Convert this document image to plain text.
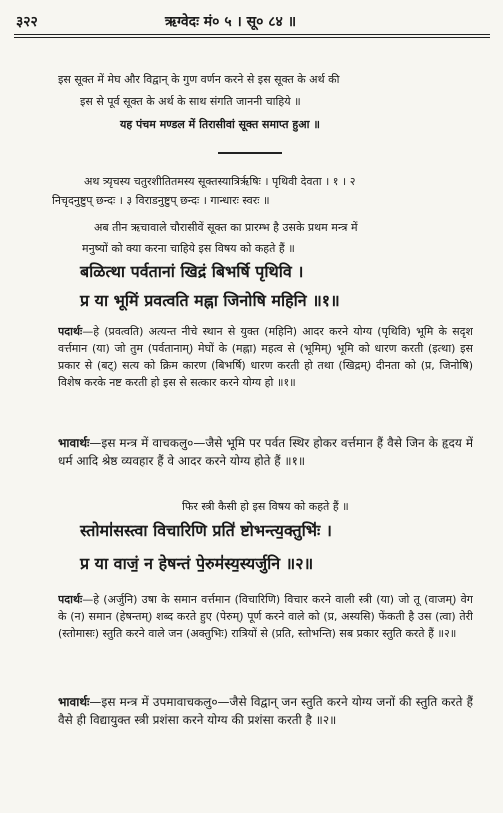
३२२	ऋग्वेदः मं० ५ । सू० ८४ ॥
इस सूक्त में मेघ और विद्वान् के गुण वर्णन करने से इस सूक्त के अर्थ की
इस से पूर्व सूक्त के अर्थ के साथ संगति जाननी चाहिये ॥
यह पंचम मण्डल में तिरासीवां सूक्त समाप्त हुआ ॥
अथ त्र्यृचस्य चतुरशीतितमस्य सूक्तस्यात्रिर्ऋषिः । पृथिवी देवता । १ । २
निचृदनुष्टुप् छन्दः । ३ विराडनुष्टुप् छन्दः । गान्धारः स्वरः ॥
अब तीन ऋचावाले चौरासीवें सूक्त का प्रारम्भ है उसके प्रथम मन्त्र में
मनुष्यों को क्या करना चाहिये इस विषय को कहते हैं ॥
बळित्था पर्वतानां खिद्रं बिभर्षि पृथिवि ।
प्र या भूमिं प्रवत्वति मह्ना जिनोषि महिनि ॥१॥
पदार्थः—हे (प्रवत्वति) अत्यन्त नीचे स्थान से युक्त (महिनि) आदर करने योग्य (पृथिवि) भूमि के सदृश वर्त्तमान (या) जो तुम (पर्वतानाम्) मेघों के (मह्ना) महत्व से (भूमिम्) भूमि को धारण करती (इत्था) इस प्रकार से (बट्) सत्य को क्रिम कारण (बिभर्षि) धारण करती हो तथा (खिद्रम्) दीनता को (प्र, जिनोषि) विशेष करके नष्ट करती हो इस से सत्कार करने योग्य हो ॥१॥
भावार्थः—इस मन्त्र में वाचकलु०—जैसे भूमि पर पर्वत स्थिर होकर वर्त्तमान हैं वैसे जिन के हृदय में धर्म आदि श्रेष्ठ व्यवहार हैं वे आदर करने योग्य होते हैं ॥१॥
फिर स्त्री कैसी हो इस विषय को कहते हैं ॥
स्तोमा॑सस्त्वा विचारिणि प्रति॑ ष्टोभन्त्य॒क्तुभिः॑ ।
प्र या वाजं॒ न हेषन्तं पे॒रुम॑स्य॒स्यर्जुनि ॥२॥
पदार्थः—हे (अर्जुनि) उषा के समान वर्त्तमान (विचारिणि) विचार करने वाली स्त्री (या) जो तू (वाजम्) वेग के (न) समान (हेषन्तम्) शब्द करते हुए (पेरुम्) पूर्ण करने वाले को (प्र, अस्यसि) फेंकती है उस (त्वा) तेरी (स्तोमासः) स्तुति करने वाले जन (अक्तुभिः) रात्रियों से (प्रति, स्तोभन्ति) सब प्रकार स्तुति करते हैं ॥२॥
भावार्थः—इस मन्त्र में उपमावाचकलु०—जैसे विद्वान् जन स्तुति करने योग्य जनों की स्तुति करते हैं वैसे ही विद्यायुक्त स्त्री प्रशंसा करने योग्य की प्रशंसा करती है ॥२॥
